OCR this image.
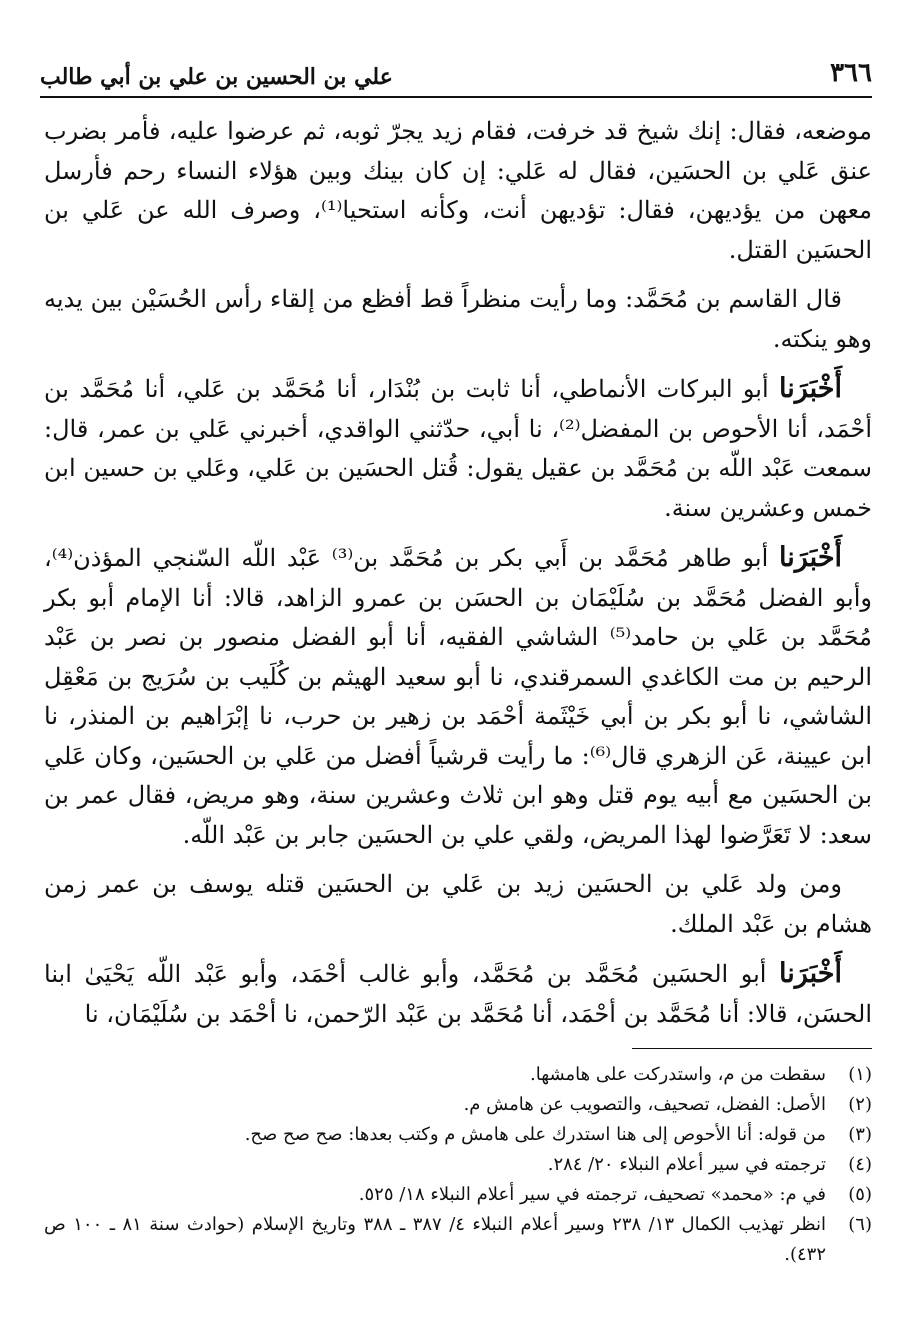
٣٦٦
علي بن الحسين بن علي بن أبي طالب

موضعه، فقال: إنك شيخ قد خرفت، فقام زيد يجرّ ثوبه، ثم عرضوا عليه، فأمر بضرب عنق عَلي بن الحسَين، فقال له عَلي: إن كان بينك وبين هؤلاء النساء رحم فأرسل معهن من يؤديهن، فقال: تؤديهن أنت، وكأنه استحيا⁽¹⁾، وصرف الله عن عَلي بن الحسَين القتل.

قال القاسم بن مُحَمَّد: وما رأيت منظراً قط أفظع من إلقاء رأس الحُسَيْن بين يديه وهو ينكته.

أَخْبَرَنا أبو البركات الأنماطي، أنا ثابت بن بُنْدَار، أنا مُحَمَّد بن عَلي، أنا مُحَمَّد بن أحْمَد، أنا الأحوص بن المفضل⁽²⁾، نا أبي، حدّثني الواقدي، أخبرني عَلي بن عمر، قال: سمعت عَبْد اللّه بن مُحَمَّد بن عقيل يقول: قُتل الحسَين بن عَلي، وعَلي بن حسين ابن خمس وعشرين سنة.

أَخْبَرَنا أبو طاهر مُحَمَّد بن أَبي بكر بن مُحَمَّد بن⁽³⁾ عَبْد اللّه السّنجي المؤذن⁽⁴⁾، وأبو الفضل مُحَمَّد بن سُلَيْمَان بن الحسَن بن عمرو الزاهد، قالا: أنا الإمام أبو بكر مُحَمَّد بن عَلي بن حامد⁽⁵⁾ الشاشي الفقيه، أنا أبو الفضل منصور بن نصر بن عَبْد الرحيم بن مت الكاغدي السمرقندي، نا أبو سعيد الهيثم بن كُلَيب بن سُرَيج بن مَعْقِل الشاشي، نا أبو بكر بن أبي خَيْثَمة أحْمَد بن زهير بن حرب، نا إبْرَاهيم بن المنذر، نا ابن عيينة، عَن الزهري قال⁽⁶⁾: ما رأيت قرشياً أفضل من عَلي بن الحسَين، وكان عَلي بن الحسَين مع أبيه يوم قتل وهو ابن ثلاث وعشرين سنة، وهو مريض، فقال عمر بن سعد: لا تَعَرَّضوا لهذا المريض، ولقي علي بن الحسَين جابر بن عَبْد اللّه.

ومن ولد عَلي بن الحسَين زيد بن عَلي بن الحسَين قتله يوسف بن عمر زمن هشام بن عَبْد الملك.

أَخْبَرَنا أبو الحسَين مُحَمَّد بن مُحَمَّد، وأبو غالب أحْمَد، وأبو عَبْد اللّه يَحْيَىٰ ابنا الحسَن، قالا: أنا مُحَمَّد بن أحْمَد، أنا مُحَمَّد بن عَبْد الرّحمن، نا أحْمَد بن سُلَيْمَان، نا

(١)
سقطت من م، واستدركت على هامشها.
(٢)
الأصل: الفضل، تصحيف، والتصويب عن هامش م.
(٣)
من قوله: أنا الأحوص إلى هنا استدرك على هامش م وكتب بعدها: صح صح صح.
(٤)
ترجمته في سير أعلام النبلاء ٢٠/ ٢٨٤.
(٥)
في م: «محمد» تصحيف، ترجمته في سير أعلام النبلاء ١٨/ ٥٢٥.
(٦)
انظر تهذيب الكمال ١٣/ ٢٣٨ وسير أعلام النبلاء ٤/ ٣٨٧ ـ ٣٨٨ وتاريخ الإسلام (حوادث سنة ٨١ ـ ١٠٠ ص ٤٣٢).
